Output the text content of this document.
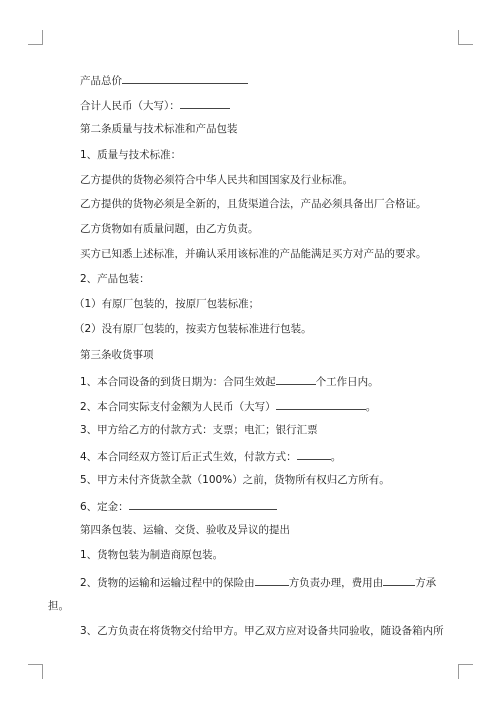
产品总价

合计人民币（大写）：

第二条质量与技术标准和产品包装

1、质量与技术标准：

乙方提供的货物必须符合中华人民共和国国家及行业标准。

乙方提供的货物必须是全新的，且货渠道合法，产品必须具备出厂合格证。

乙方货物如有质量问题，由乙方负责。

买方已知悉上述标准，并确认采用该标准的产品能满足买方对产品的要求。

2、产品包装：

（1）有原厂包装的，按原厂包装标准；

（2）没有原厂包装的，按卖方包装标准进行包装。

第三条收货事项

1、本合同设备的到货日期为：合同生效起	个工作日内。

2、本合同实际支付金额为人民币（大写）	。

3、甲方给乙方的付款方式：支票；电汇；银行汇票

4、本合同经双方签订后正式生效，付款方式：	。

5、甲方未付齐货款全款（100%）之前，货物所有权归乙方所有。

6、定金：

第四条包装、运输、交货、验收及异议的提出

1、货物包装为制造商原包装。

2、货物的运输和运输过程中的保险由	方负责办理，费用由	方承

担。

3、乙方负责在将货物交付给甲方。甲乙双方应对设备共同验收，随设备箱内所
